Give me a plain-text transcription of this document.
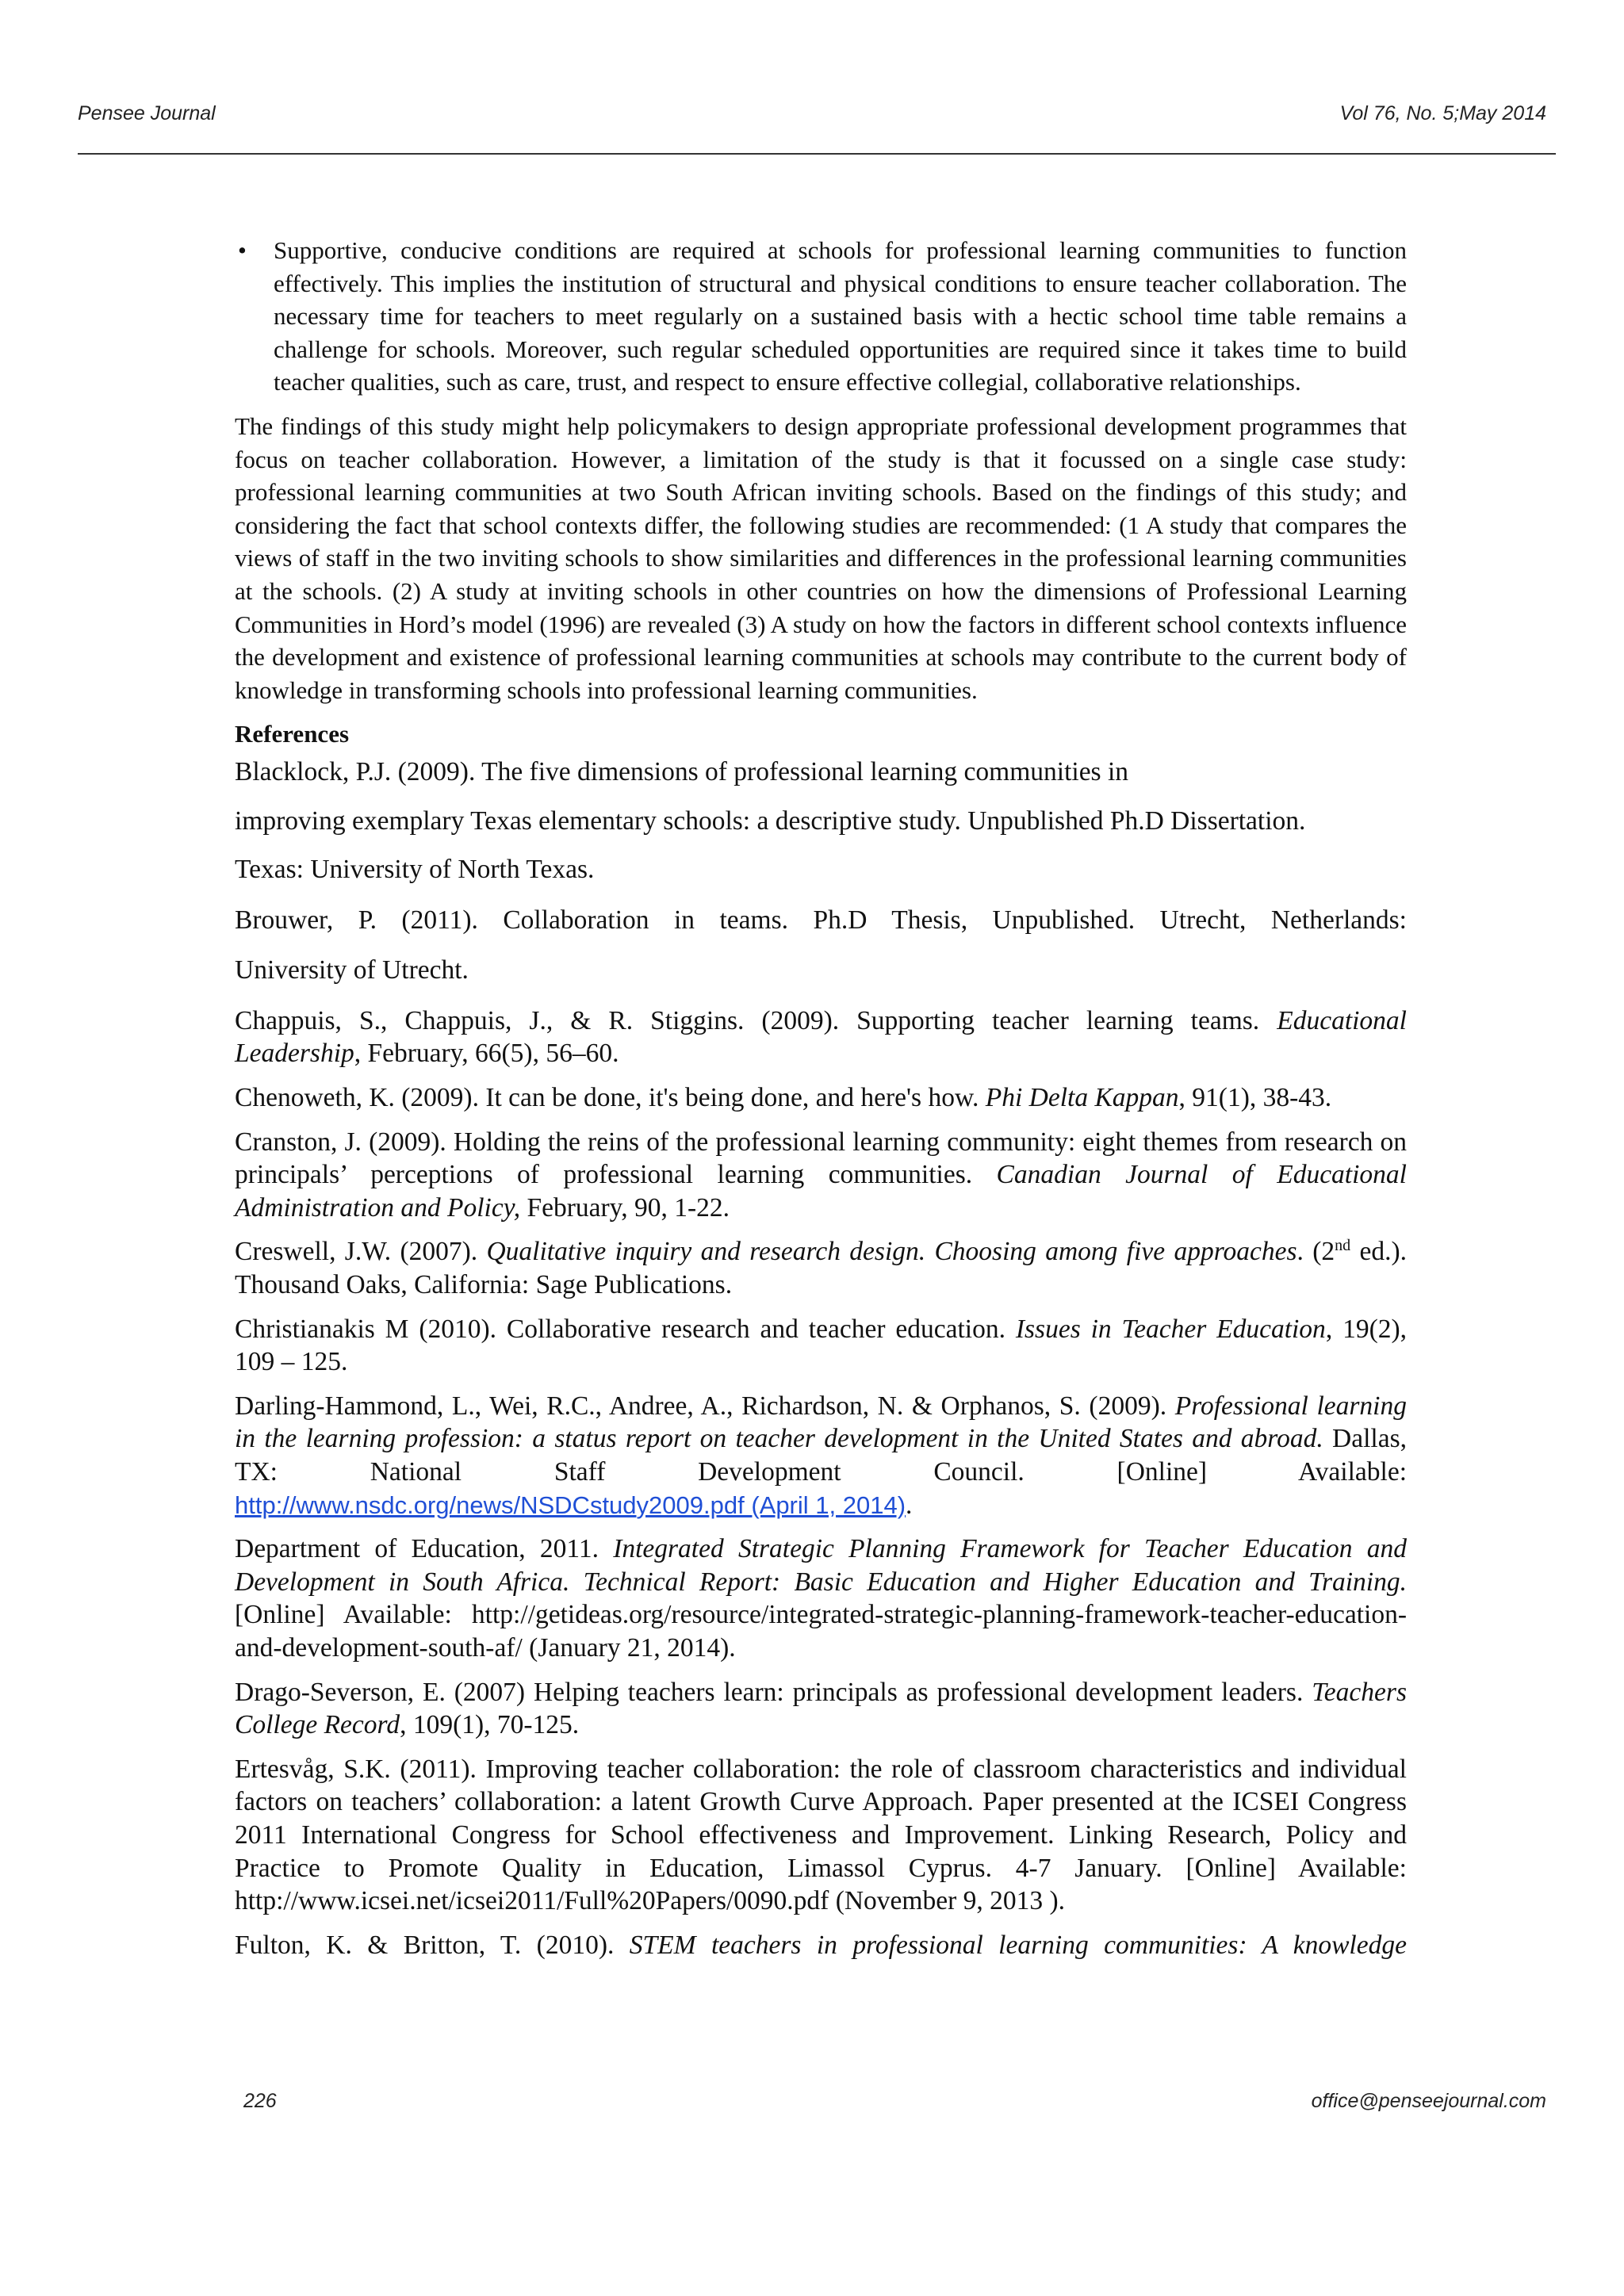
Pensee Journal	Vol 76, No. 5;May 2014
• Supportive, conducive conditions are required at schools for professional learning communities to function effectively. This implies the institution of structural and physical conditions to ensure teacher collaboration. The necessary time for teachers to meet regularly on a sustained basis with a hectic school time table remains a challenge for schools. Moreover, such regular scheduled opportunities are required since it takes time to build teacher qualities, such as care, trust, and respect to ensure effective collegial, collaborative relationships.

The findings of this study might help policymakers to design appropriate professional development programmes that focus on teacher collaboration. However, a limitation of the study is that it focussed on a single case study: professional learning communities at two South African inviting schools. Based on the findings of this study; and considering the fact that school contexts differ, the following studies are recommended: (1 A study that compares the views of staff in the two inviting schools to show similarities and differences in the professional learning communities at the schools. (2) A study at inviting schools in other countries on how the dimensions of Professional Learning Communities in Hord’s model (1996) are revealed (3) A study on how the factors in different school contexts influence the development and existence of professional learning communities at schools may contribute to the current body of knowledge in transforming schools into professional learning communities.

References

Blacklock, P.J. (2009). The five dimensions of professional learning communities in

improving exemplary Texas elementary schools: a descriptive study. Unpublished Ph.D Dissertation.

Texas: University of North Texas.

Brouwer, P. (2011). Collaboration in teams. Ph.D Thesis, Unpublished. Utrecht, Netherlands:

University of Utrecht.

Chappuis, S., Chappuis, J., & R. Stiggins. (2009). Supporting teacher learning teams. Educational Leadership, February, 66(5), 56–60.

Chenoweth, K. (2009). It can be done, it's being done, and here's how. Phi Delta Kappan, 91(1), 38-43.

Cranston, J. (2009). Holding the reins of the professional learning community: eight themes from research on principals’ perceptions of professional learning communities. Canadian Journal of Educational Administration and Policy, February, 90, 1-22.

Creswell, J.W. (2007). Qualitative inquiry and research design. Choosing among five approaches. (2nd ed.). Thousand Oaks, California: Sage Publications.

Christianakis M (2010). Collaborative research and teacher education. Issues in Teacher Education, 19(2), 109 – 125.

Darling-Hammond, L., Wei, R.C., Andree, A., Richardson, N. & Orphanos, S. (2009). Professional learning in the learning profession: a status report on teacher development in the United States and abroad. Dallas, TX: National Staff Development Council. [Online] Available: http://www.nsdc.org/news/NSDCstudy2009.pdf (April 1, 2014).

Department of Education, 2011. Integrated Strategic Planning Framework for Teacher Education and Development in South Africa. Technical Report: Basic Education and Higher Education and Training. [Online] Available: http://getideas.org/resource/integrated-strategic-planning-framework-teacher-education-and-development-south-af/ (January 21, 2014).

Drago-Severson, E. (2007) Helping teachers learn: principals as professional development leaders. Teachers College Record, 109(1), 70-125.

Ertesvåg, S.K. (2011). Improving teacher collaboration: the role of classroom characteristics and individual factors on teachers’ collaboration: a latent Growth Curve Approach. Paper presented at the ICSEI Congress 2011 International Congress for School effectiveness and Improvement. Linking Research, Policy and Practice to Promote Quality in Education, Limassol Cyprus. 4-7 January. [Online] Available: http://www.icsei.net/icsei2011/Full%20Papers/0090.pdf (November 9, 2013 ).

Fulton, K. & Britton, T. (2010). STEM teachers in professional learning communities: A knowledge

226	office@penseejournal.com
